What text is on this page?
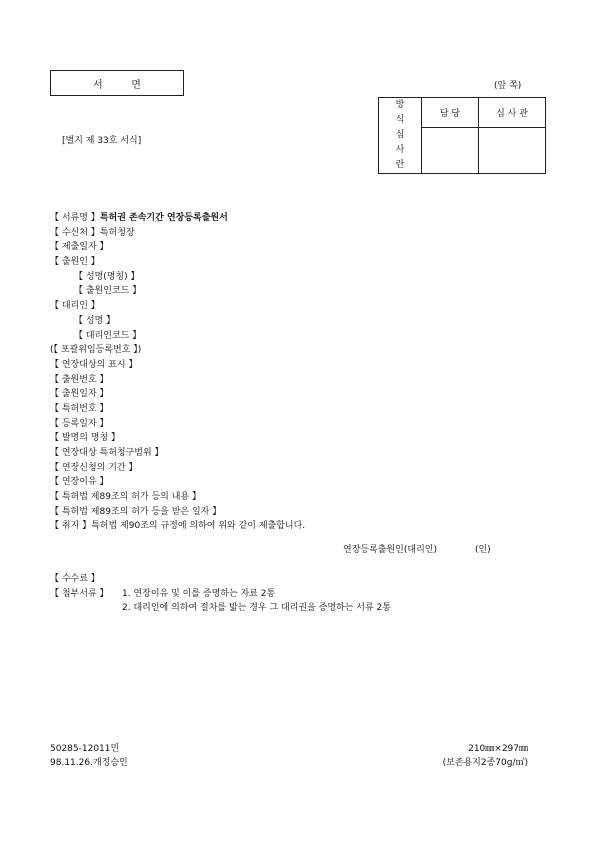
서         면	(앞 쪽)
[별지 제 33호 서식]
방
식
심
사
란	담 당	심 사 관

【 서류명 】특허권 존속기간 연장등록출원서
【 수신처 】특허청장
【 제출일자 】
【 출원인 】
【 성명(명칭) 】
【 출원인코드 】
【 대리인 】
【 성명 】
【 대리인코드 】
(【 포괄위임등록번호 】)
【 연장대상의 표시 】
【 출원번호 】
【 출원일자 】
【 특허번호 】
【 등록일자 】
【 발명의 명칭 】
【 연장대상 특허청구범위 】
【 연장신청의 기간 】
【 연장이유 】
【 특허법 제89조의 허가 등의 내용 】
【 특허법 제89조의 허가 등을 받은 일자 】
【 취지 】특허법 제90조의 규정에 의하여 위와 같이 제출합니다.
연장등록출원인(대리인)	(인)
【 수수료 】
【 첨부서류 】 1. 연장이유 및 이를 증명하는 자료 2통
2. 대리인에 의하여 절차를 밟는 경우 그 대리권을 증명하는 서류 2통
50285-12011민
98.11.26.개정승인
210㎜×297㎜
(보존용지2종70g/㎡)
